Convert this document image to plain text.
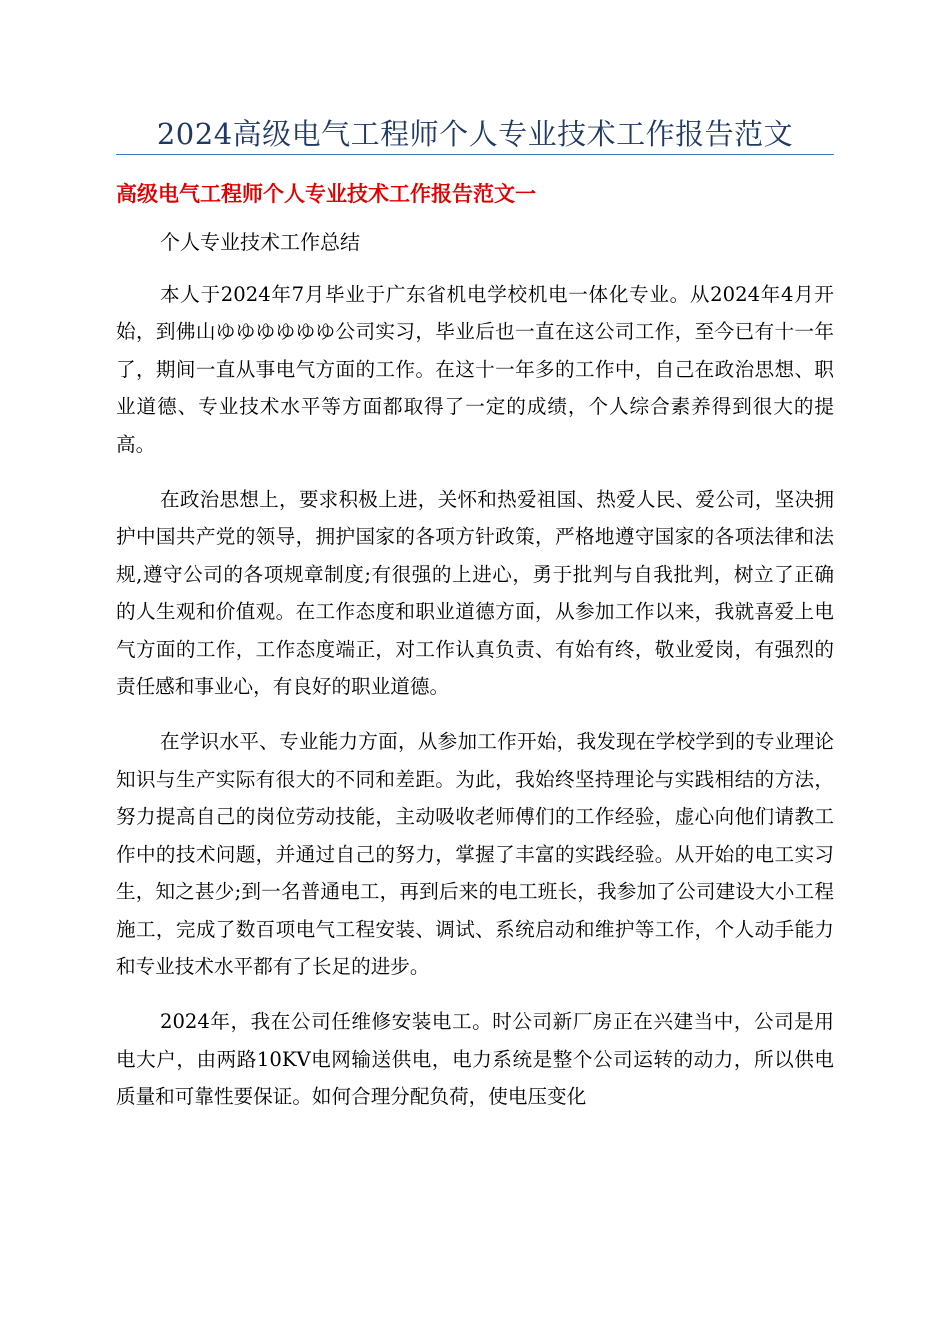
2024高级电气工程师个人专业技术工作报告范文
高级电气工程师个人专业技术工作报告范文一
个人专业技术工作总结

本人于2024年7月毕业于广东省机电学校机电一体化专业。从2024年4月开始，到佛山ゆゆゆゆゆゆ公司实习，毕业后也一直在这公司工作，至今已有十一年了，期间一直从事电气方面的工作。在这十一年多的工作中，自己在政治思想、职业道德、专业技术水平等方面都取得了一定的成绩，个人综合素养得到很大的提高。

在政治思想上，要求积极上进，关怀和热爱祖国、热爱人民、爱公司，坚决拥护中国共产党的领导，拥护国家的各项方针政策，严格地遵守国家的各项法律和法规,遵守公司的各项规章制度;有很强的上进心，勇于批判与自我批判，树立了正确的人生观和价值观。在工作态度和职业道德方面，从参加工作以来，我就喜爱上电气方面的工作，工作态度端正，对工作认真负责、有始有终，敬业爱岗，有强烈的责任感和事业心，有良好的职业道德。

在学识水平、专业能力方面，从参加工作开始，我发现在学校学到的专业理论知识与生产实际有很大的不同和差距。为此，我始终坚持理论与实践相结的方法，努力提高自己的岗位劳动技能，主动吸收老师傅们的工作经验，虚心向他们请教工作中的技术问题，并通过自己的努力，掌握了丰富的实践经验。从开始的电工实习生，知之甚少;到一名普通电工，再到后来的电工班长，我参加了公司建设大小工程施工，完成了数百项电气工程安装、调试、系统启动和维护等工作，个人动手能力和专业技术水平都有了长足的进步。

2024年，我在公司任维修安装电工。时公司新厂房正在兴建当中，公司是用电大户，由两路10KV电网输送供电，电力系统是整个公司运转的动力，所以供电质量和可靠性要保证。如何合理分配负荷，使电压变化
